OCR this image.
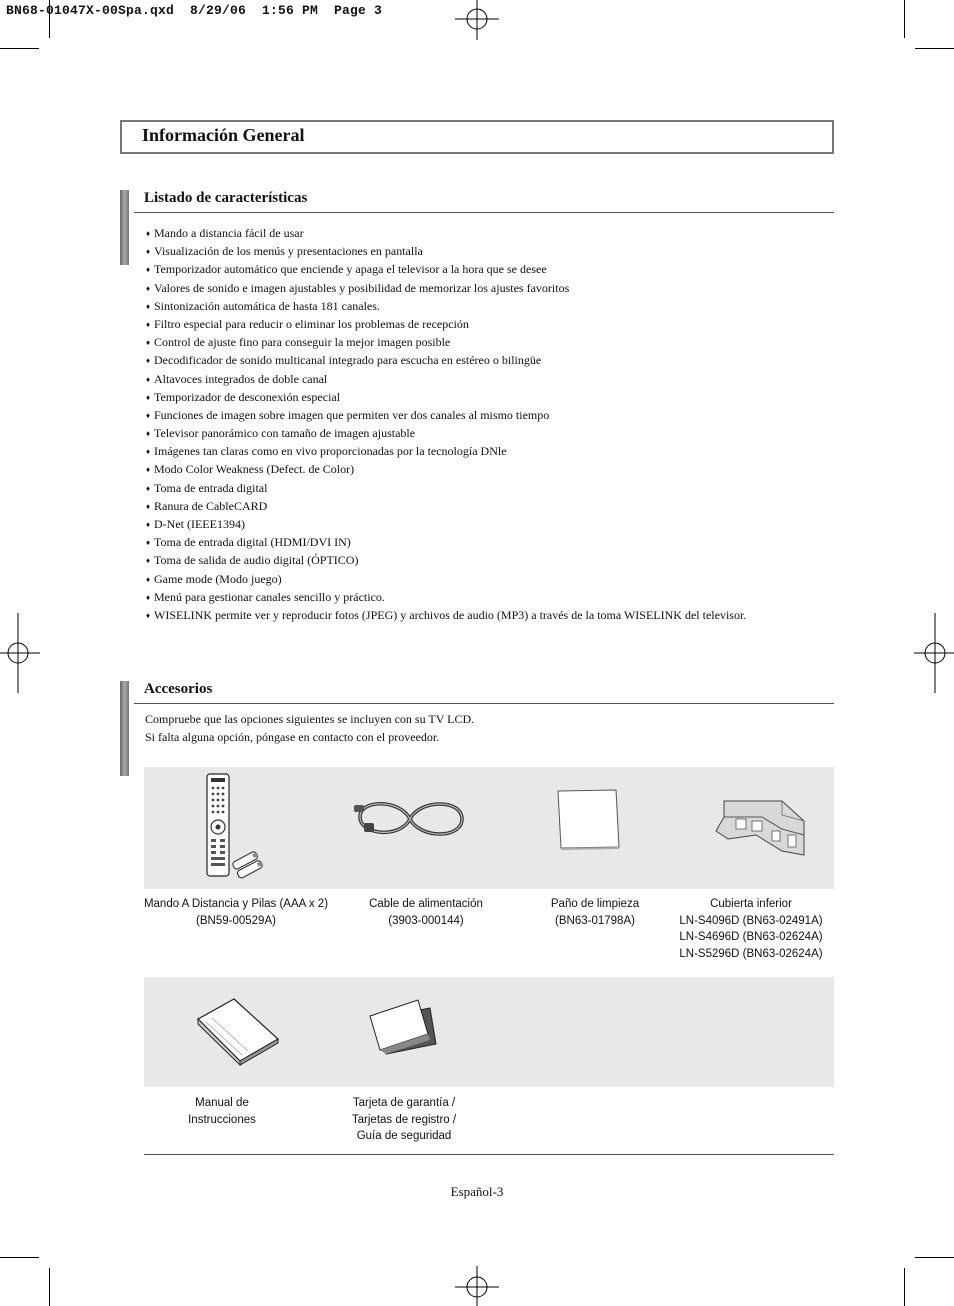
BN68-01047X-00Spa.qxd  8/29/06  1:56 PM  Page 3
Información General
Listado de características
♦ Mando a distancia fácil de usar
♦ Visualización de los menús y presentaciones en pantalla
♦ Temporizador automático que enciende y apaga el televisor a la hora que se desee
♦ Valores de sonido e imagen ajustables y posibilidad de memorizar los ajustes favoritos
♦ Sintonización automática de hasta 181 canales.
♦ Filtro especial para reducir o eliminar los problemas de recepción
♦ Control de ajuste fino para conseguir la mejor imagen posible
♦ Decodificador de sonido multicanal integrado para escucha en estéreo o bilingüe
♦ Altavoces integrados de doble canal
♦ Temporizador de desconexión especial
♦ Funciones de imagen sobre imagen que permiten ver dos canales al mismo tiempo
♦ Televisor panorámico con tamaño de imagen ajustable
♦ Imágenes tan claras como en vivo proporcionadas por la tecnología DNle
♦ Modo Color Weakness (Defect. de Color)
♦ Toma de entrada digital
♦ Ranura de CableCARD
♦ D-Net (IEEE1394)
♦ Toma de entrada digital (HDMI/DVI IN)
♦ Toma de salida de audio digital (ÓPTICO)
♦ Game mode (Modo juego)
♦ Menú para gestionar canales sencillo y práctico.
♦ WISELINK permite ver y reproducir fotos (JPEG) y archivos de audio (MP3) a través de la toma WISELINK del televisor.
Accesorios
Compruebe que las opciones siguientes se incluyen con su TV LCD.
Si falta alguna opción, póngase en contacto con el proveedor.
Mando A Distancia y Pilas (AAA x 2)
(BN59-00529A)
Cable de alimentación
(3903-000144)
Paño de limpieza
(BN63-01798A)
Cubierta inferior
LN-S4096D (BN63-02491A)
LN-S4696D (BN63-02624A)
LN-S5296D (BN63-02624A)
Manual de
Instrucciones
Tarjeta de garantía /
Tarjetas de registro /
Guía de seguridad
Español-3
